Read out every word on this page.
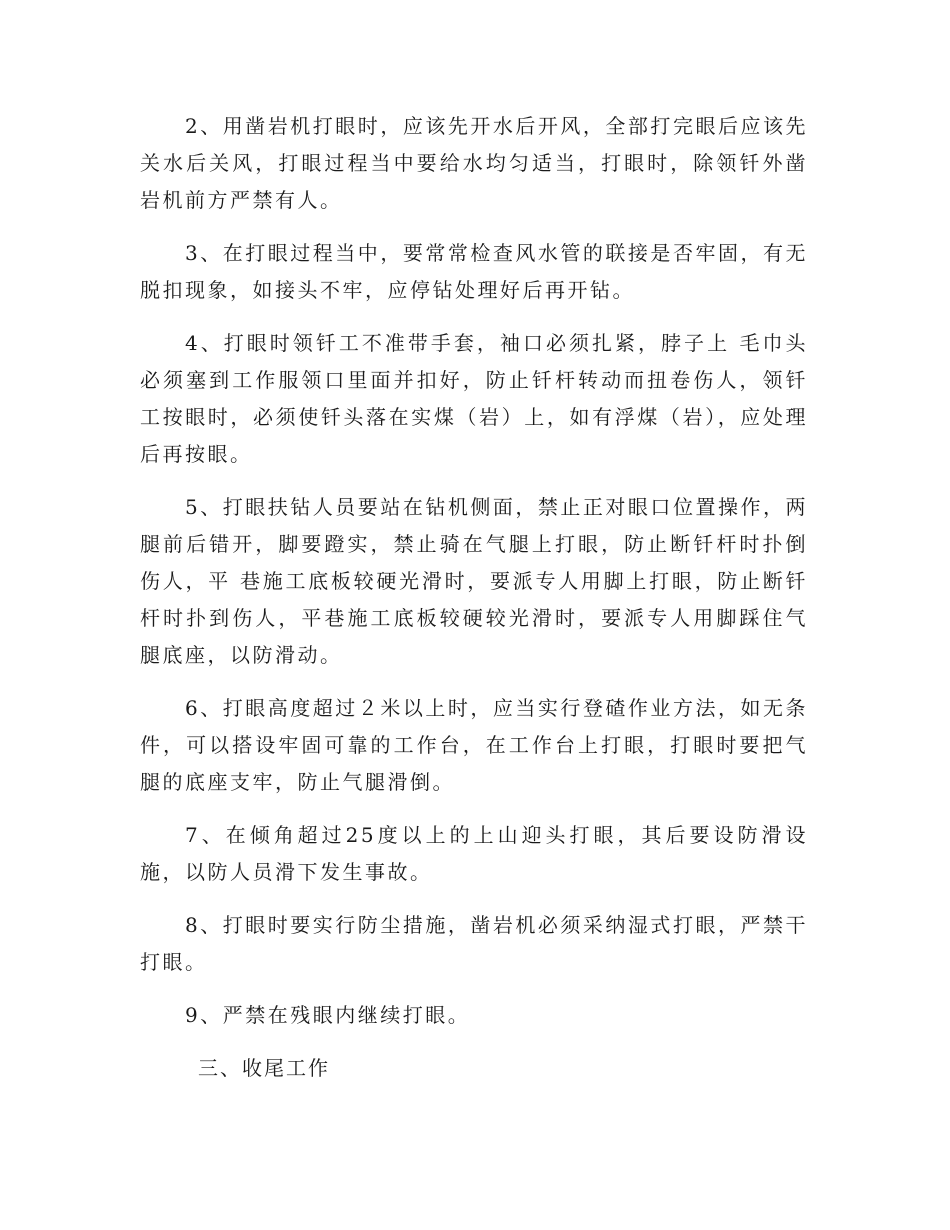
2、用凿岩机打眼时，应该先开水后开风，全部打完眼后应该先关水后关风，打眼过程当中要给水均匀适当，打眼时，除领钎外凿岩机前方严禁有人。

3、在打眼过程当中，要常常检查风水管的联接是否牢固，有无脱扣现象，如接头不牢，应停钻处理好后再开钻。

4、打眼时领钎工不准带手套，袖口必须扎紧，脖子上 毛巾头必须塞到工作服领口里面并扣好，防止钎杆转动而扭卷伤人，领钎工按眼时，必须使钎头落在实煤（岩）上，如有浮煤（岩），应处理后再按眼。

5、打眼扶钻人员要站在钻机侧面，禁止正对眼口位置操作，两腿前后错开，脚要蹬实，禁止骑在气腿上打眼，防止断钎杆时扑倒伤人，平 巷施工底板较硬光滑时，要派专人用脚上打眼，防止断钎杆时扑到伤人，平巷施工底板较硬较光滑时，要派专人用脚踩住气腿底座，以防滑动。

6、打眼高度超过２米以上时，应当实行登碴作业方法，如无条件，可以搭设牢固可靠的工作台，在工作台上打眼，打眼时要把气腿的底座支牢，防止气腿滑倒。

7、在倾角超过25度以上的上山迎头打眼，其后要设防滑设施，以防人员滑下发生事故。

8、打眼时要实行防尘措施，凿岩机必须采纳湿式打眼，严禁干打眼。

9、严禁在残眼内继续打眼。

三、收尾工作
